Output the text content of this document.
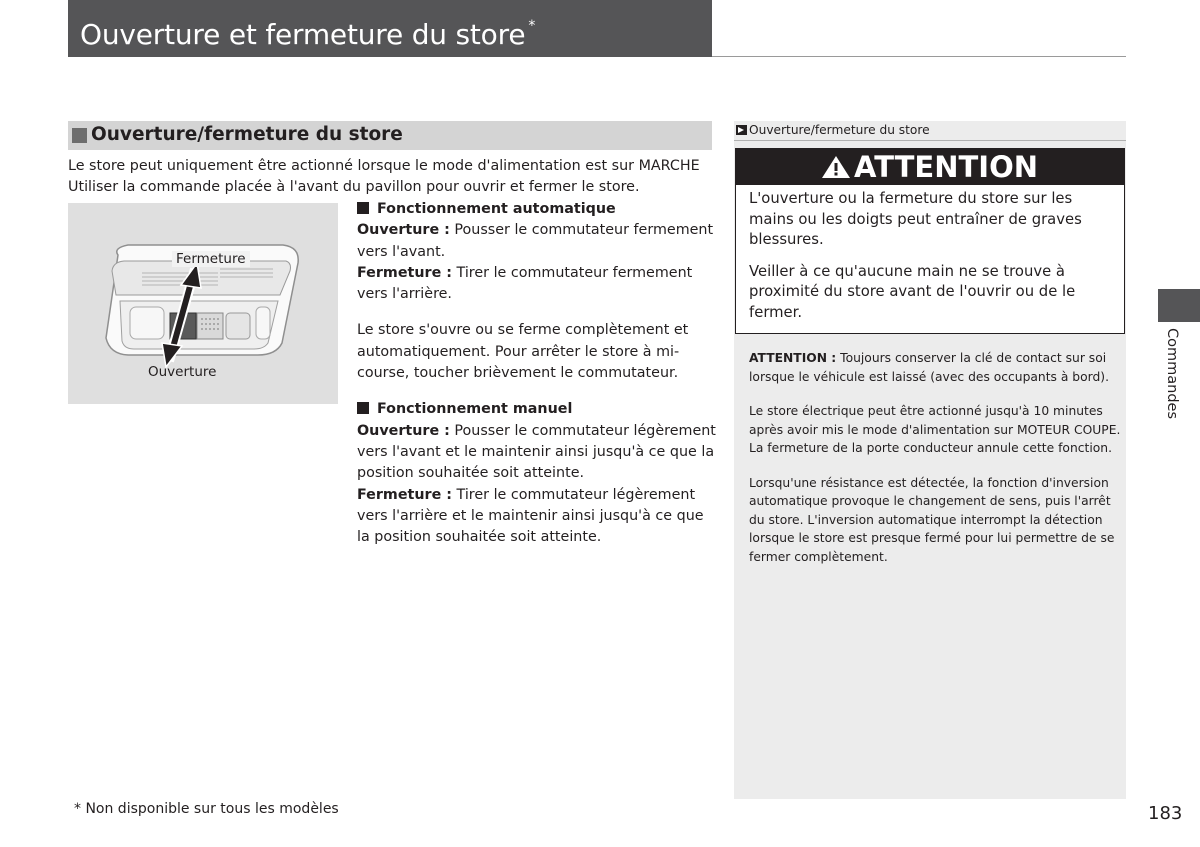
Ouverture et fermeture du store *
Ouverture/fermeture du store
Le store peut uniquement être actionné lorsque le mode d'alimentation est sur MARCHE
Utiliser la commande placée à l'avant du pavillon pour ouvrir et fermer le store.
Fermeture
Ouverture
Fonctionnement automatique

Ouverture : Pousser le commutateur fermement vers l'avant.

Fermeture : Tirer le commutateur fermement vers l'arrière.

Le store s'ouvre ou se ferme complètement et automatiquement. Pour arrêter le store à mi-course, toucher brièvement le commutateur.

Fonctionnement manuel

Ouverture : Pousser le commutateur légèrement vers l'avant et le maintenir ainsi jusqu'à ce que la position souhaitée soit atteinte.

Fermeture : Tirer le commutateur légèrement vers l'arrière et le maintenir ainsi jusqu'à ce que la position souhaitée soit atteinte.

Ouverture/fermeture du store
ATTENTION

L'ouverture ou la fermeture du store sur les mains ou les doigts peut entraîner de graves blessures.

Veiller à ce qu'aucune main ne se trouve à proximité du store avant de l'ouvrir ou de le fermer.

ATTENTION : Toujours conserver la clé de contact sur soi lorsque le véhicule est laissé (avec des occupants à bord).

Le store électrique peut être actionné jusqu'à 10 minutes après avoir mis le mode d'alimentation sur MOTEUR COUPE. La fermeture de la porte conducteur annule cette fonction.

Lorsqu'une résistance est détectée, la fonction d'inversion automatique provoque le changement de sens, puis l'arrêt du store. L'inversion automatique interrompt la détection lorsque le store est presque fermé pour lui permettre de se fermer complètement.

Commandes
* Non disponible sur tous les modèles	183
